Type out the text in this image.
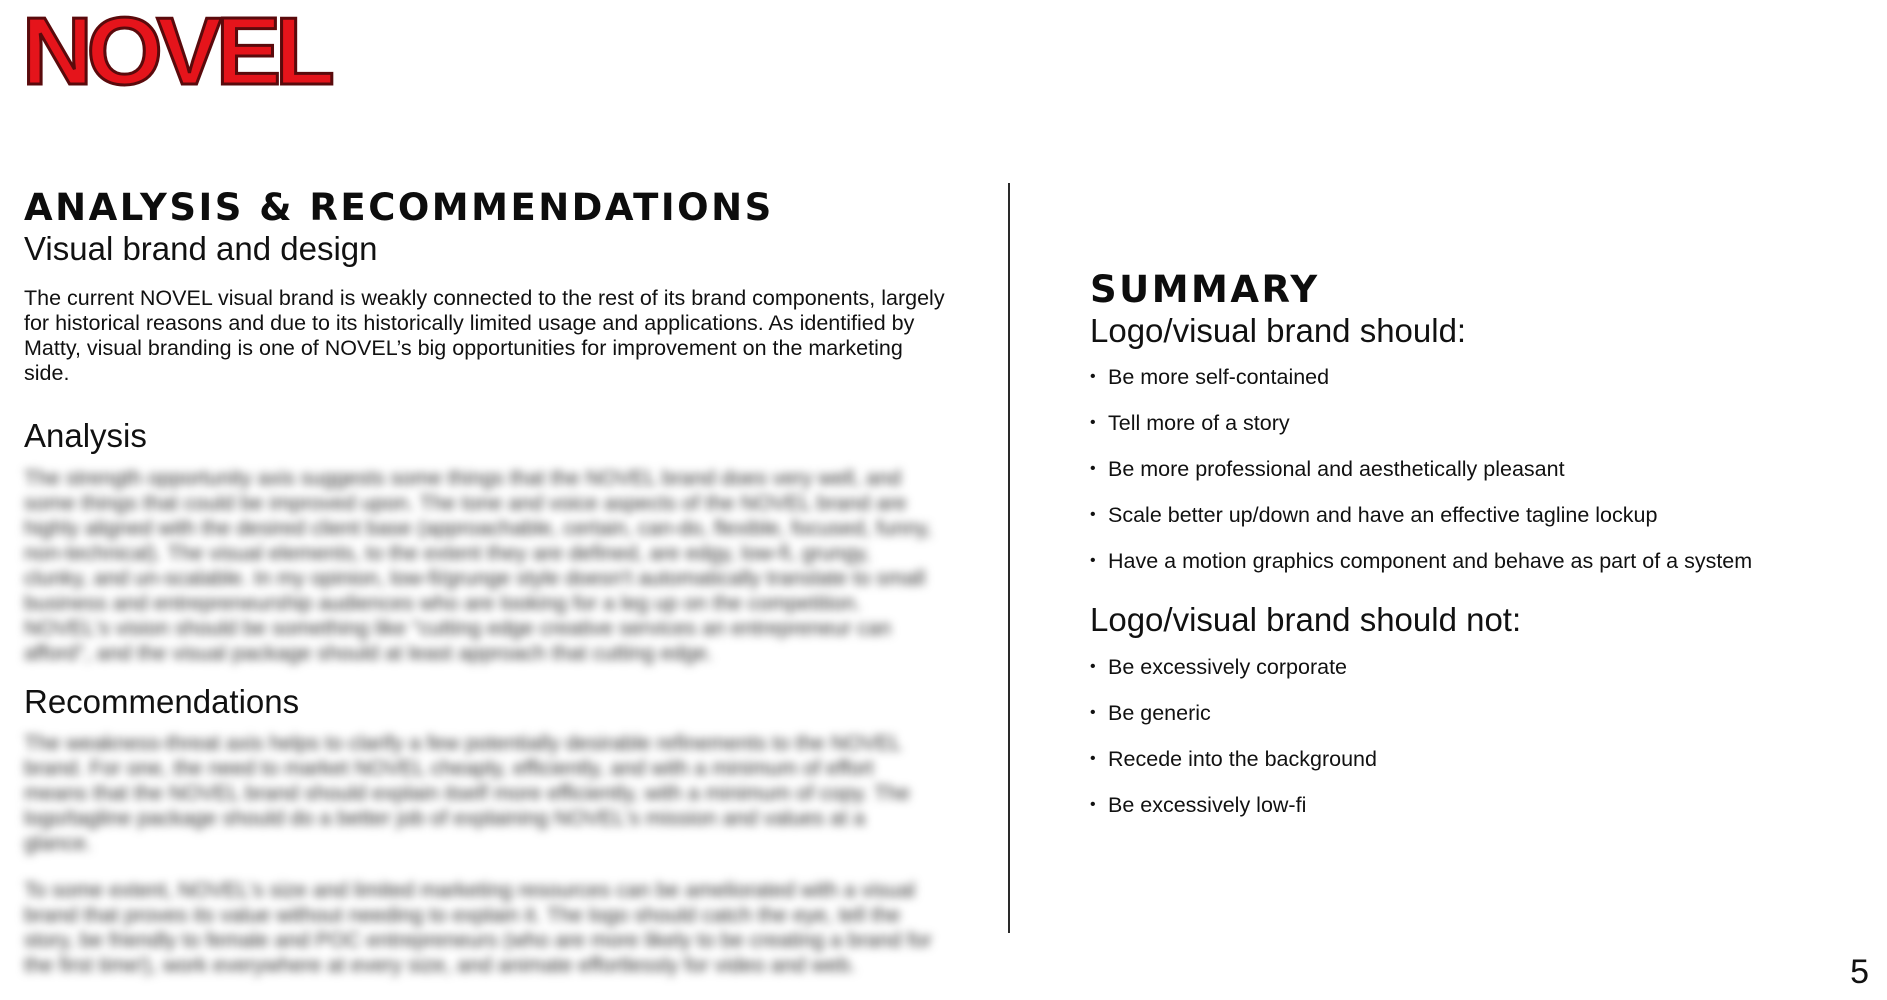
NOVEL
ANALYSIS & RECOMMENDATIONS
Visual brand and design

The current NOVEL visual brand is weakly connected to the rest of its brand components, largely for historical reasons and due to its historically limited usage and applications. As identified by Matty, visual branding is one of NOVEL’s big opportunities for improvement on the marketing side.

Analysis

The strength opportunity axis suggests some things that the NOVEL brand does very well, and some things that could be improved upon. The tone and voice aspects of the NOVEL brand are highly aligned with the desired client base (approachable, certain, can-do, flexible, focused, funny, non-technical). The visual elements, to the extent they are defined, are edgy, low-fi, grungy, clunky, and un-scalable. In my opinion, low-fi/grunge style doesn't automatically translate to small business and entrepreneurship audiences who are looking for a leg up on the competition. NOVEL's vision should be something like "cutting edge creative services an entrepreneur can afford", and the visual package should at least approach that cutting edge.

Recommendations

The weakness-threat axis helps to clarify a few potentially desirable refinements to the NOVEL brand. For one, the need to market NOVEL cheaply, efficiently, and with a minimum of effort means that the NOVEL brand should explain itself more efficiently, with a minimum of copy. The logo/tagline package should do a better job of explaining NOVEL's mission and values at a glance.

To some extent, NOVEL's size and limited marketing resources can be ameliorated with a visual brand that proves its value without needing to explain it. The logo should catch the eye, tell the story, be friendly to female and POC entrepreneurs (who are more likely to be creating a brand for the first time!), work everywhere at every size, and animate effortlessly for video and web.

SUMMARY
Logo/visual brand should:
• Be more self-contained
• Tell more of a story
• Be more professional and aesthetically pleasant
• Scale better up/down and have an effective tagline lockup
• Have a motion graphics component and behave as part of a system
Logo/visual brand should not:
• Be excessively corporate
• Be generic
• Recede into the background
• Be excessively low-fi
5
